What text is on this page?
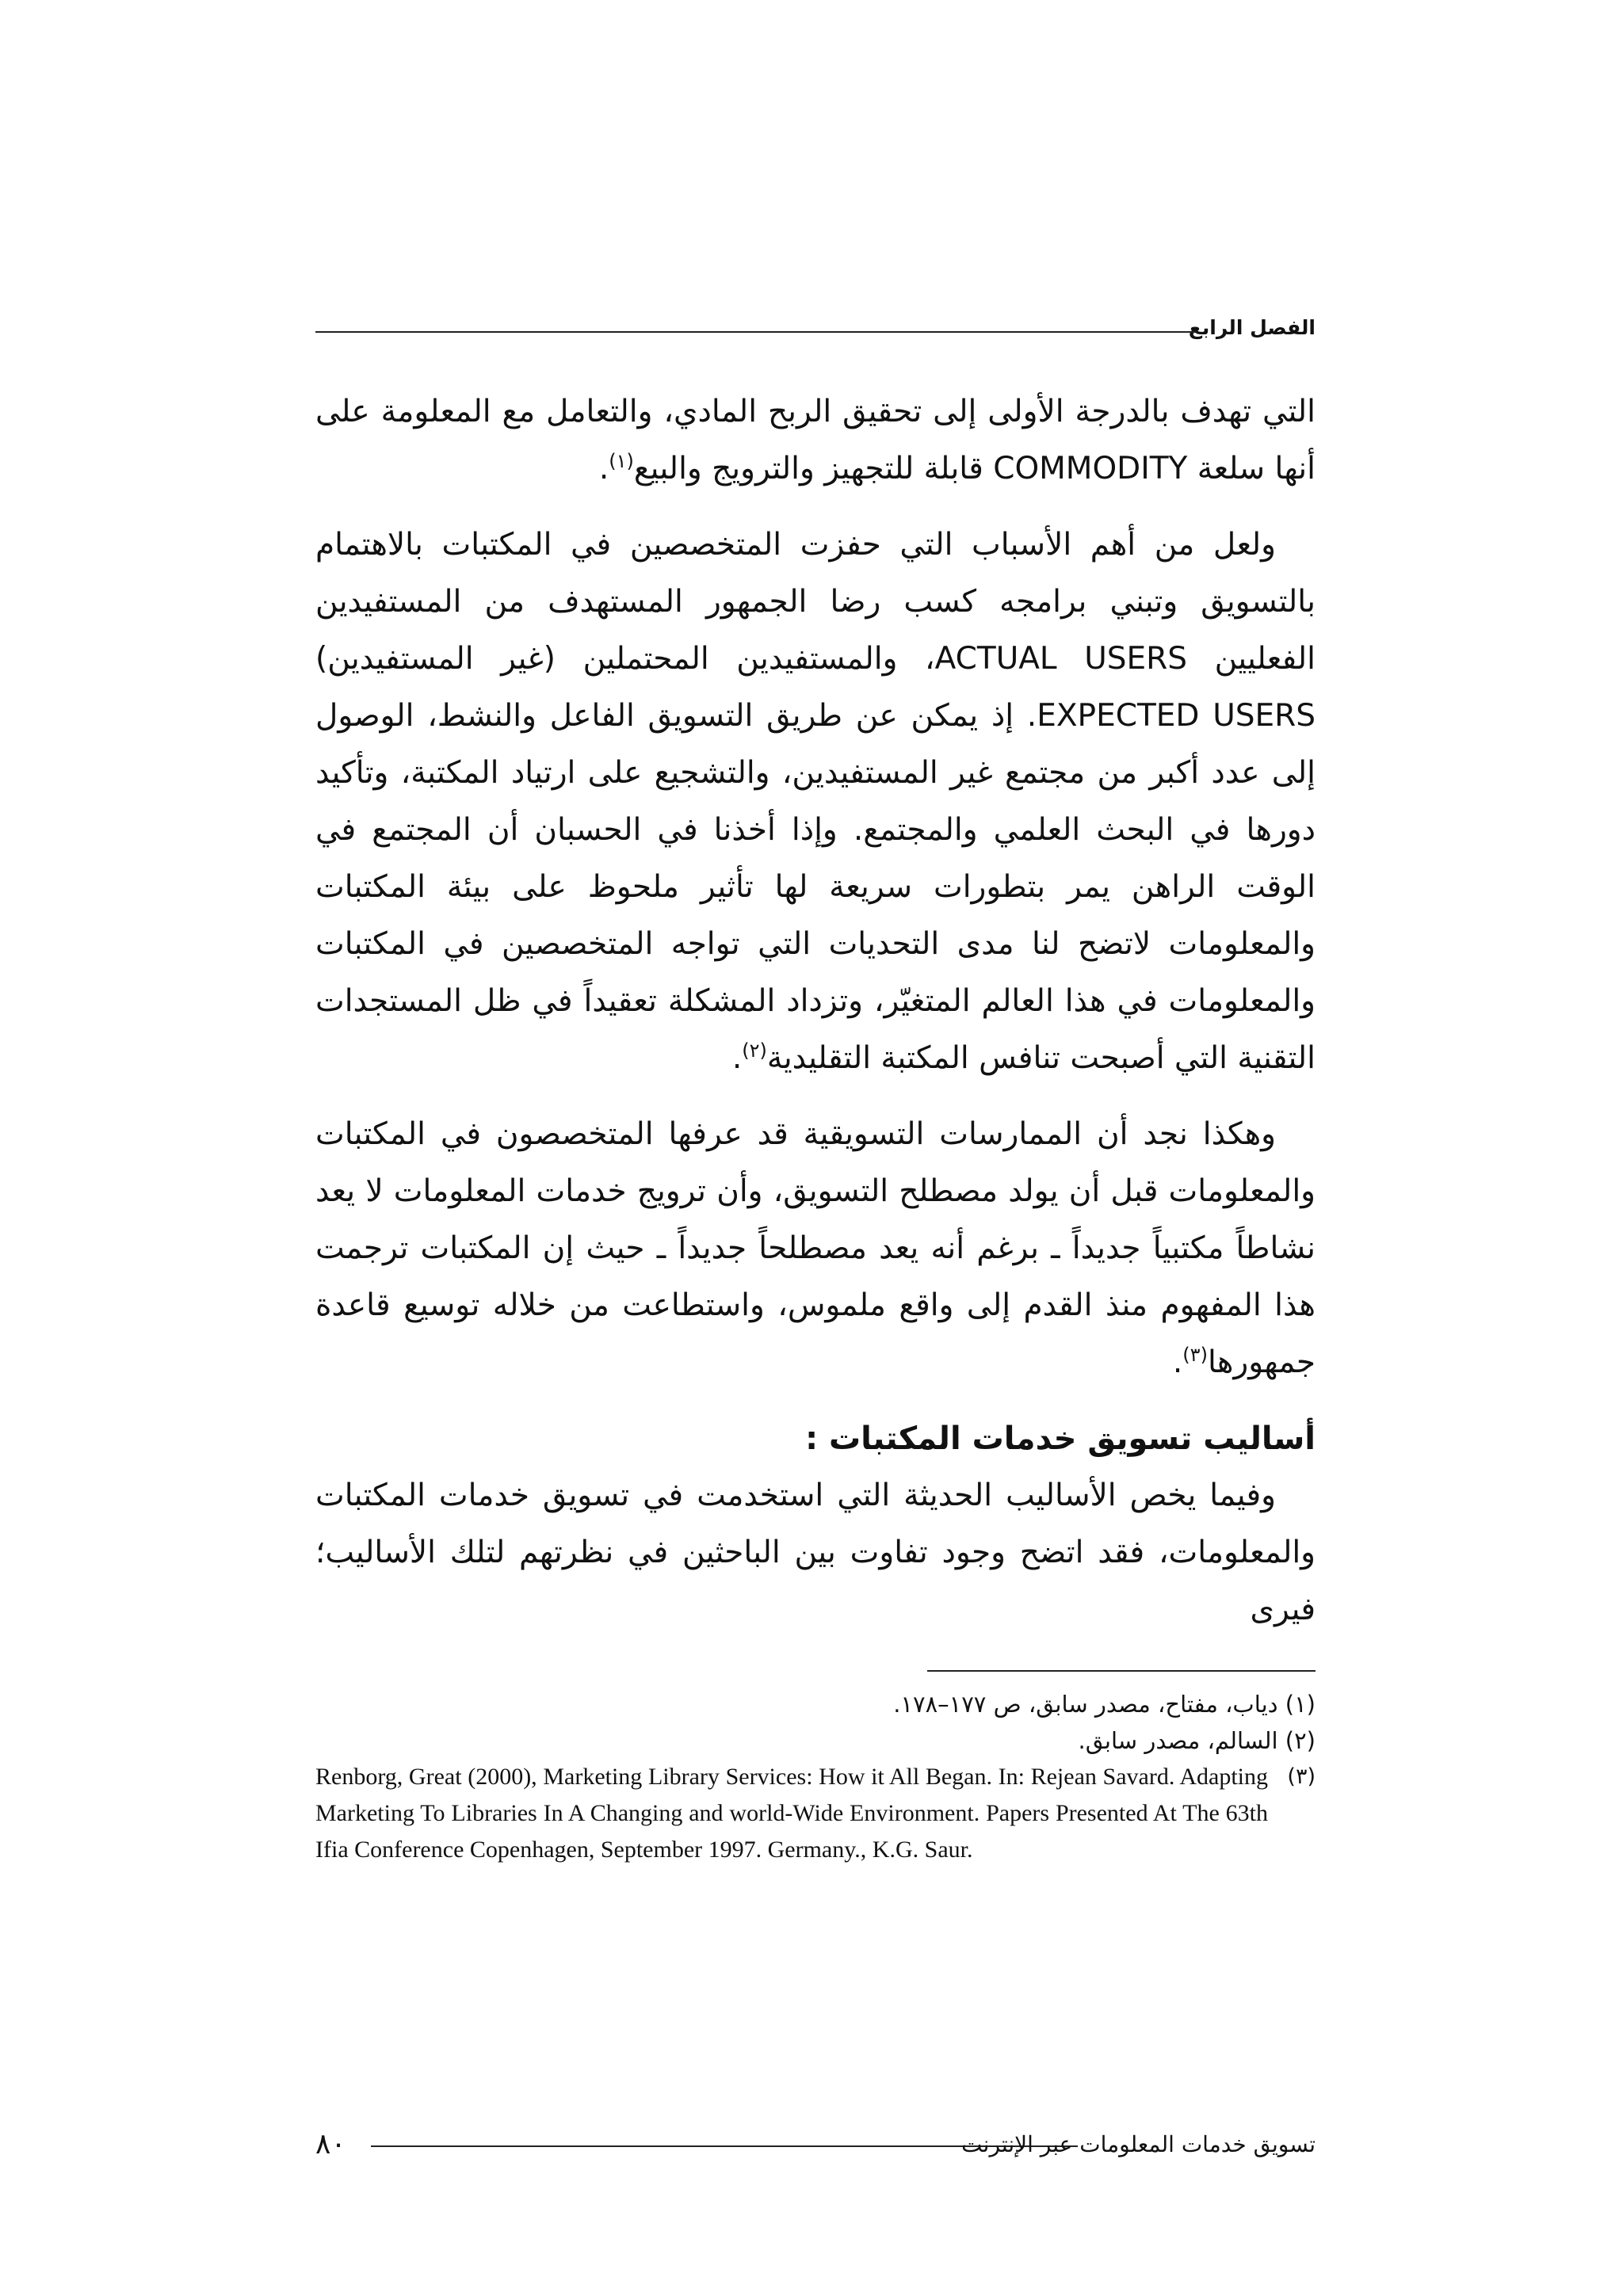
الفصل الرابع

التي تهدف بالدرجة الأولى إلى تحقيق الربح المادي، والتعامل مع المعلومة على أنها سلعة COMMODITY قابلة للتجهيز والترويج والبيع$^{(١)}$.

ولعل من أهم الأسباب التي حفزت المتخصصين في المكتبات بالاهتمام بالتسويق وتبني برامجه كسب رضا الجمهور المستهدف من المستفيدين الفعليين ACTUAL USERS، والمستفيدين المحتملين (غير المستفيدين) EXPECTED USERS. إذ يمكن عن طريق التسويق الفاعل والنشط، الوصول إلى عدد أكبر من مجتمع غير المستفيدين، والتشجيع على ارتياد المكتبة، وتأكيد دورها في البحث العلمي والمجتمع. وإذا أخذنا في الحسبان أن المجتمع في الوقت الراهن يمر بتطورات سريعة لها تأثير ملحوظ على بيئة المكتبات والمعلومات لاتضح لنا مدى التحديات التي تواجه المتخصصين في المكتبات والمعلومات في هذا العالم المتغيّر، وتزداد المشكلة تعقيداً في ظل المستجدات التقنية التي أصبحت تنافس المكتبة التقليدية$^{(٢)}$.

وهكذا نجد أن الممارسات التسويقية قد عرفها المتخصصون في المكتبات والمعلومات قبل أن يولد مصطلح التسويق، وأن ترويج خدمات المعلومات لا يعد نشاطاً مكتبياً جديداً ـ برغم أنه يعد مصطلحاً جديداً ـ حيث إن المكتبات ترجمت هذا المفهوم منذ القدم إلى واقع ملموس، واستطاعت من خلاله توسيع قاعدة جمهورها$^{(٣)}$.

أساليب تسويق خدمات المكتبات :

وفيما يخص الأساليب الحديثة التي استخدمت في تسويق خدمات المكتبات والمعلومات، فقد اتضح وجود تفاوت بين الباحثين في نظرتهم لتلك الأساليب؛ فيرى

(١) دياب، مفتاح، مصدر سابق، ص ١٧٧–١٧٨.

(٢) السالم، مصدر سابق.

(٣)
Renborg, Great (2000), Marketing Library Services: How it All Began. In: Rejean Savard. Adapting Marketing To Libraries In A Changing and world-Wide Environment. Papers Presented At The 63th Ifia Conference Copenhagen, September 1997. Germany., K.G. Saur.

٨٠	تسويق خدمات المعلومات عبر الإنترنت
